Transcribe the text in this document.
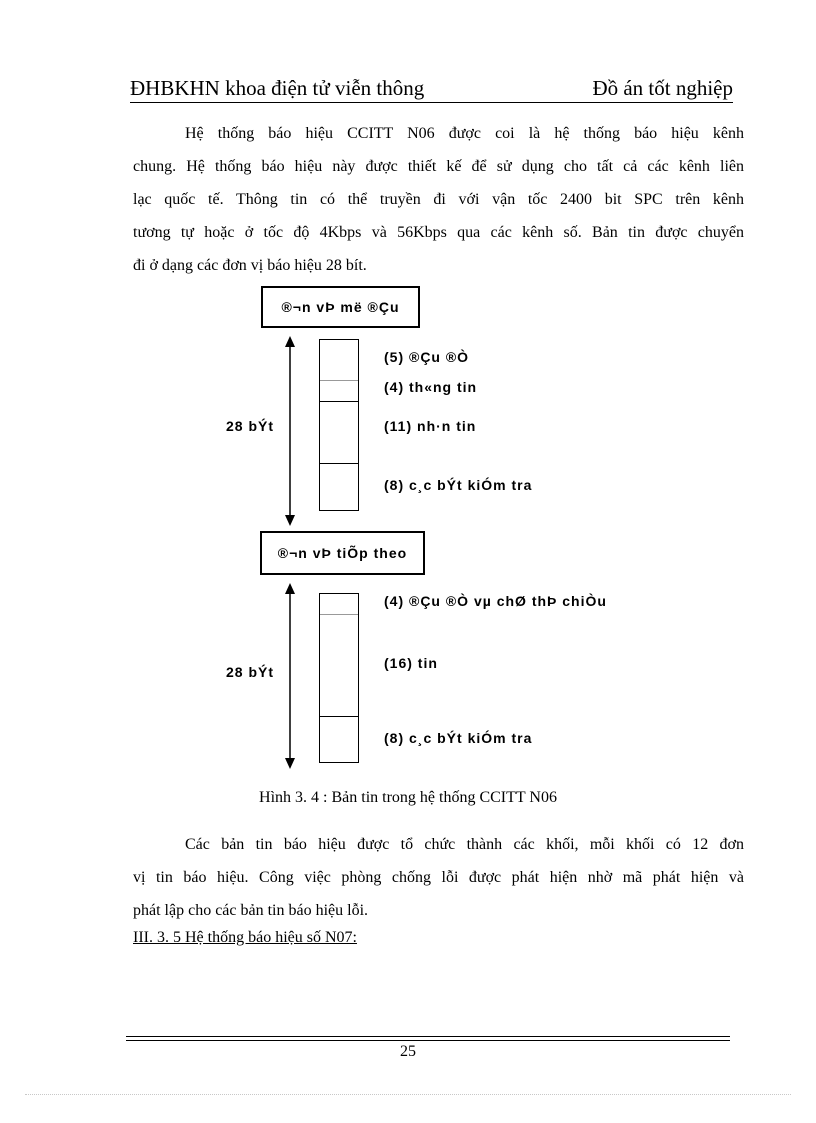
ĐHBKHN khoa điện tử viễn thông	Đồ án tốt nghiệp
Hệ thống báo hiệu CCITT N06 được coi là hệ thống báo hiệu kênh
chung. Hệ thống báo hiệu này được thiết kế để sử dụng cho tất cả các kênh liên
lạc quốc tế. Thông tin có thể truyền đi với vận tốc 2400 bit SPC trên kênh
tương tự hoặc ở tốc độ 4Kbps và 56Kbps qua các kênh số. Bản tin được chuyển
đi ở dạng các đơn vị báo hiệu 28 bít.
®¬n vÞ më ®Çu
28 bÝt
(5) ®Çu ®Ò
(4) th«ng tin
(11) nh·n tin
(8) c¸c bÝt kiÓm tra
®¬n vÞ tiÕp theo
28 bÝt
(4) ®Çu ®Ò vµ chØ thÞ chiÒu
(16) tin
(8) c¸c bÝt kiÓm tra
Hình 3. 4 : Bản tin trong hệ thống CCITT N06
Các bản tin báo hiệu được tổ chức thành các khối, mỗi khối có 12 đơn
vị tin báo hiệu. Công việc phòng chống lỗi được phát hiện nhờ mã phát hiện và
phát lập cho các bản tin báo hiệu lỗi.
III. 3. 5 Hệ thống báo hiệu số N07:
25
